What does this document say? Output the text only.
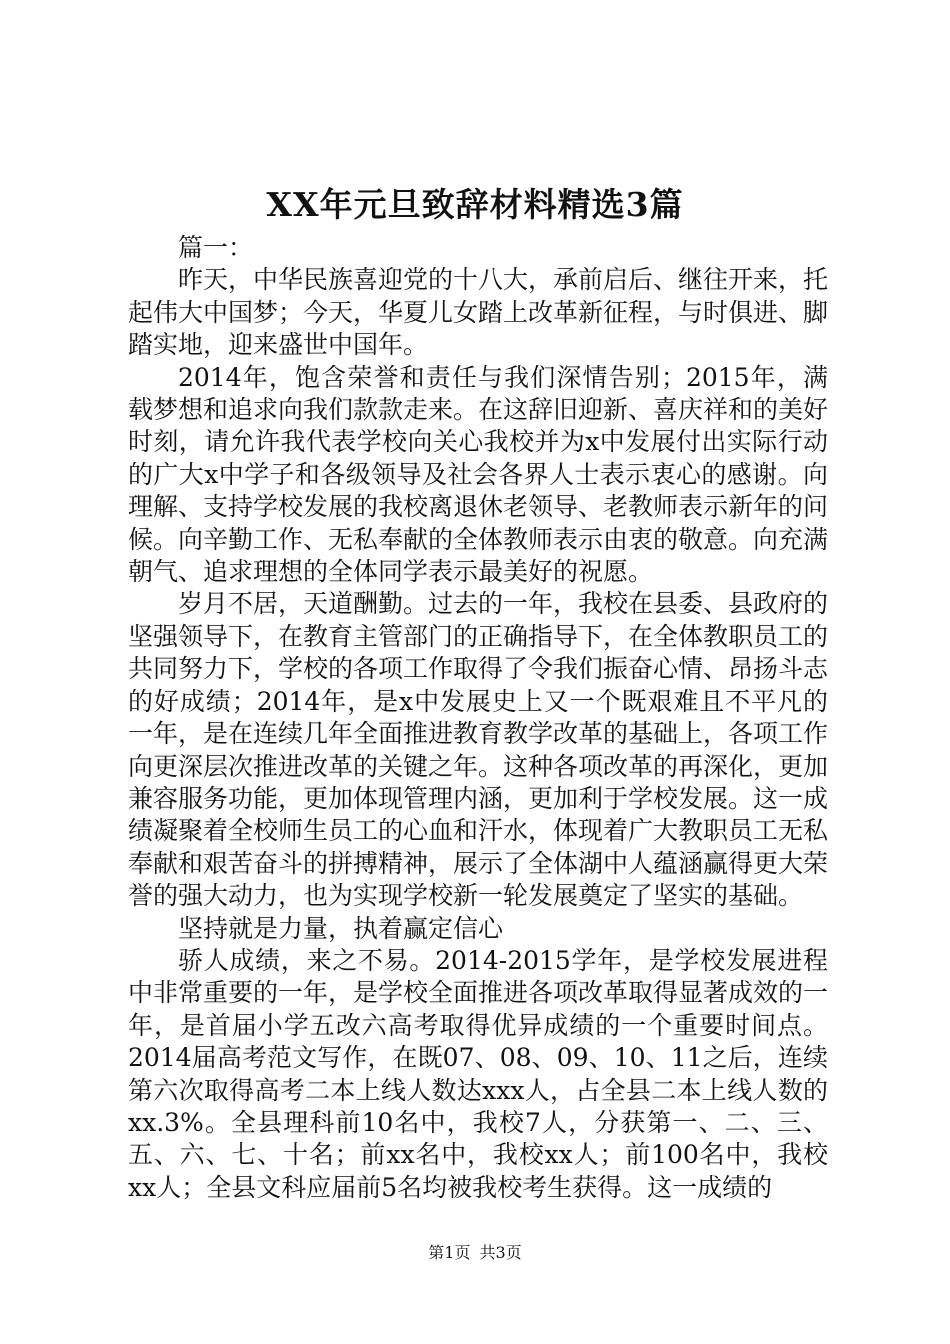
XX年元旦致辞材料精选3篇

篇一：

昨天，中华民族喜迎党的十八大，承前启后、继往开来，托起伟大中国梦；今天，华夏儿女踏上改革新征程，与时俱进、脚踏实地，迎来盛世中国年。

2014年，饱含荣誉和责任与我们深情告别；2015年，满载梦想和追求向我们款款走来。在这辞旧迎新、喜庆祥和的美好时刻，请允许我代表学校向关心我校并为x中发展付出实际行动的广大x中学子和各级领导及社会各界人士表示衷心的感谢。向理解、支持学校发展的我校离退休老领导、老教师表示新年的问候。向辛勤工作、无私奉献的全体教师表示由衷的敬意。向充满朝气、追求理想的全体同学表示最美好的祝愿。

岁月不居，天道酬勤。过去的一年，我校在县委、县政府的坚强领导下，在教育主管部门的正确指导下，在全体教职员工的共同努力下，学校的各项工作取得了令我们振奋心情、昂扬斗志的好成绩；2014年，是x中发展史上又一个既艰难且不平凡的一年，是在连续几年全面推进教育教学改革的基础上，各项工作向更深层次推进改革的关键之年。这种各项改革的再深化，更加兼容服务功能，更加体现管理内涵，更加利于学校发展。这一成绩凝聚着全校师生员工的心血和汗水，体现着广大教职员工无私奉献和艰苦奋斗的拼搏精神，展示了全体湖中人蕴涵赢得更大荣誉的强大动力，也为实现学校新一轮发展奠定了坚实的基础。

坚持就是力量，执着赢定信心

骄人成绩，来之不易。2014-2015学年，是学校发展进程中非常重要的一年，是学校全面推进各项改革取得显著成效的一年，是首届小学五改六高考取得优异成绩的一个重要时间点。2014届高考范文写作，在既07、08、09、10、11之后，连续第六次取得高考二本上线人数达xxx人，占全县二本上线人数的xx.3%。全县理科前10名中，我校7人，分获第一、二、三、五、六、七、十名；前xx名中，我校xx人；前100名中，我校xx人；全县文科应届前5名均被我校考生获得。这一成绩的

第1页 共3页
